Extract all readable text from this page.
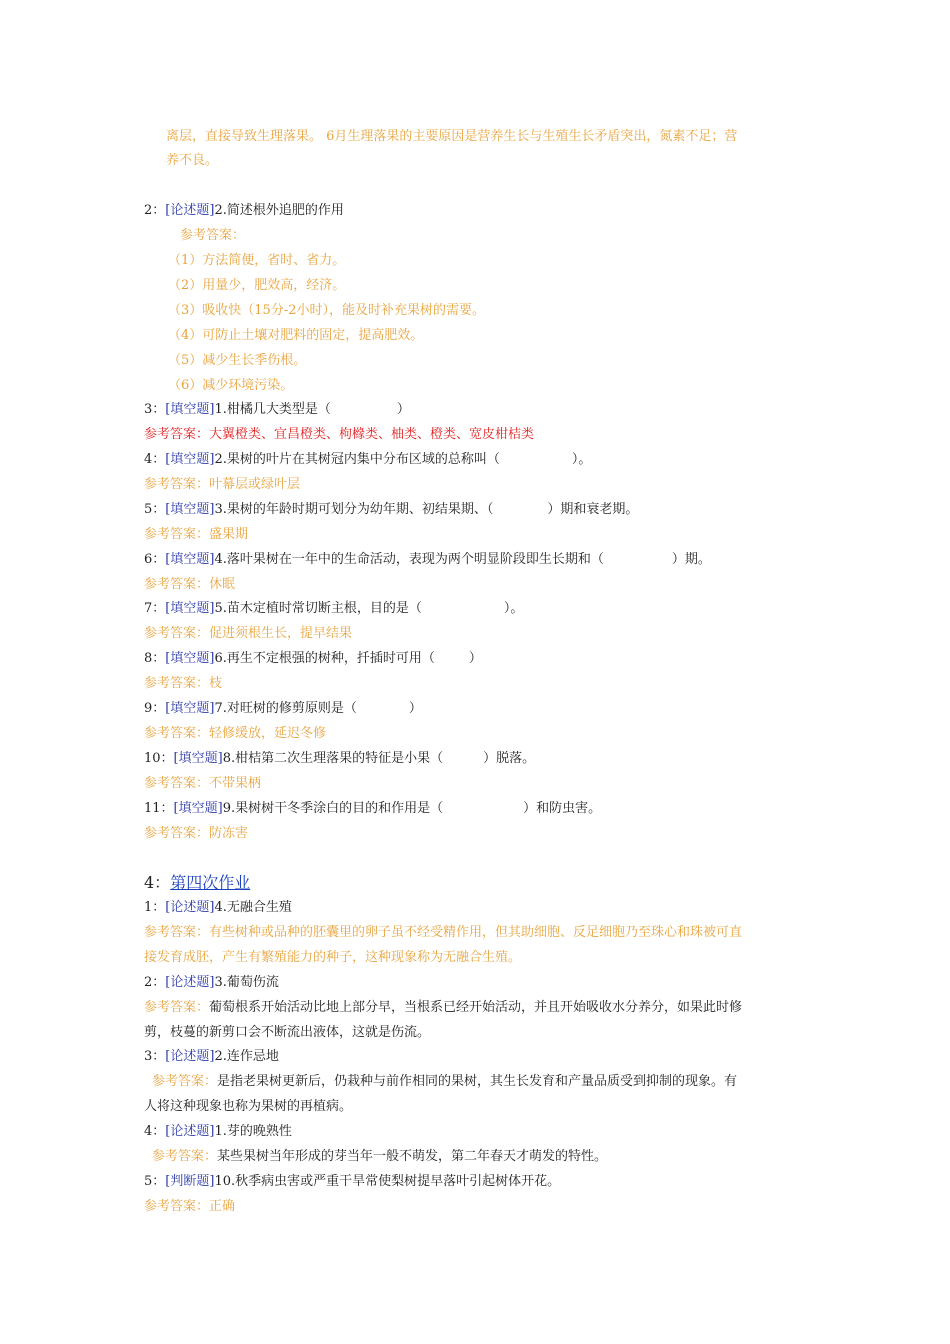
离层，直接导致生理落果。 6月生理落果的主要原因是营养生长与生殖生长矛盾突出，氮素不足；营
养不良。
2：[论述题]2.简述根外追肥的作用
参考答案：
（1）方法简便，省时、省力。
（2）用量少，肥效高，经济。
（3）吸收快（15分-2小时），能及时补充果树的需要。
（4）可防止土壤对肥料的固定，提高肥效。
（5）减少生长季伤根。
（6）减少环境污染。
3：[填空题]1.柑橘几大类型是（	）
参考答案：大翼橙类、宜昌橙类、枸橼类、柚类、橙类、宽皮柑桔类
4：[填空题]2.果树的叶片在其树冠内集中分布区域的总称叫（	）。
参考答案：叶幕层或绿叶层
5：[填空题]3.果树的年龄时期可划分为幼年期、初结果期、（	）期和衰老期。
参考答案：盛果期
6：[填空题]4.落叶果树在一年中的生命活动，表现为两个明显阶段即生长期和（	）期。
参考答案：休眠
7：[填空题]5.苗木定植时常切断主根，目的是（	）。
参考答案：促进须根生长，提早结果
8：[填空题]6.再生不定根强的树种，扦插时可用（	）
参考答案：枝
9：[填空题]7.对旺树的修剪原则是（	）
参考答案：轻修缓放，延迟冬修
10：[填空题]8.柑桔第二次生理落果的特征是小果（	）脱落。
参考答案：不带果柄
11：[填空题]9.果树树干冬季涂白的目的和作用是（	）和防虫害。
参考答案：防冻害
4：第四次作业
1：[论述题]4.无融合生殖
参考答案：有些树种或品种的胚囊里的卵子虽不经受精作用，但其助细胞、反足细胞乃至珠心和珠被可直
接发育成胚，产生有繁殖能力的种子，这种现象称为无融合生殖。
2：[论述题]3.葡萄伤流
参考答案：葡萄根系开始活动比地上部分早，当根系已经开始活动，并且开始吸收水分养分，如果此时修
剪，枝蔓的新剪口会不断流出液体，这就是伤流。
3：[论述题]2.连作忌地
参考答案：是指老果树更新后，仍栽种与前作相同的果树，其生长发育和产量品质受到抑制的现象。有
人将这种现象也称为果树的再植病。
4：[论述题]1.芽的晚熟性
参考答案：某些果树当年形成的芽当年一般不萌发，第二年春天才萌发的特性。
5：[判断题]10.秋季病虫害或严重干旱常使梨树提早落叶引起树体开花。
参考答案：正确
